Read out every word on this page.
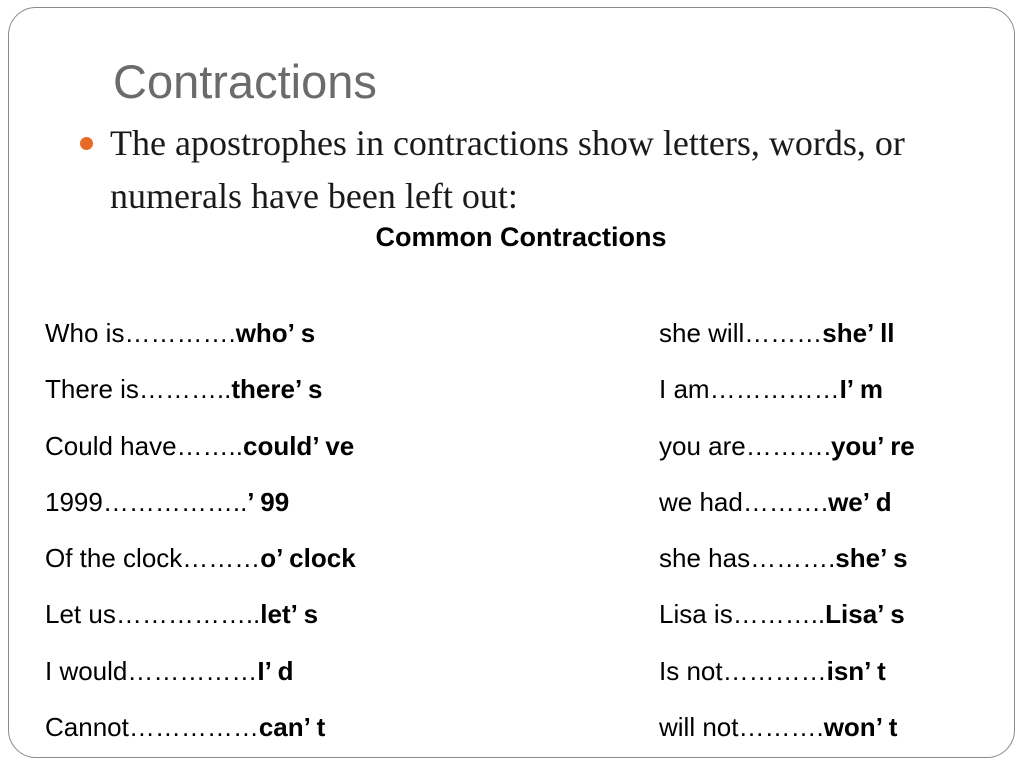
Contractions
The apostrophes in contractions show letters, words, or numerals have been left out:
Common Contractions
Who is………….who’ s
There is………..there’ s
Could have……..could’ ve
1999……………..’ 99
Of the clock………o’ clock
Let us……………..let’ s
I would……………I’ d
Cannot……………can’ t
she will………she’ ll
I am……………I’ m
you are……….you’ re
we had……….we’ d
she has……….she’ s
Lisa is………..Lisa’ s
Is not…………isn’ t
will not……….won’ t
